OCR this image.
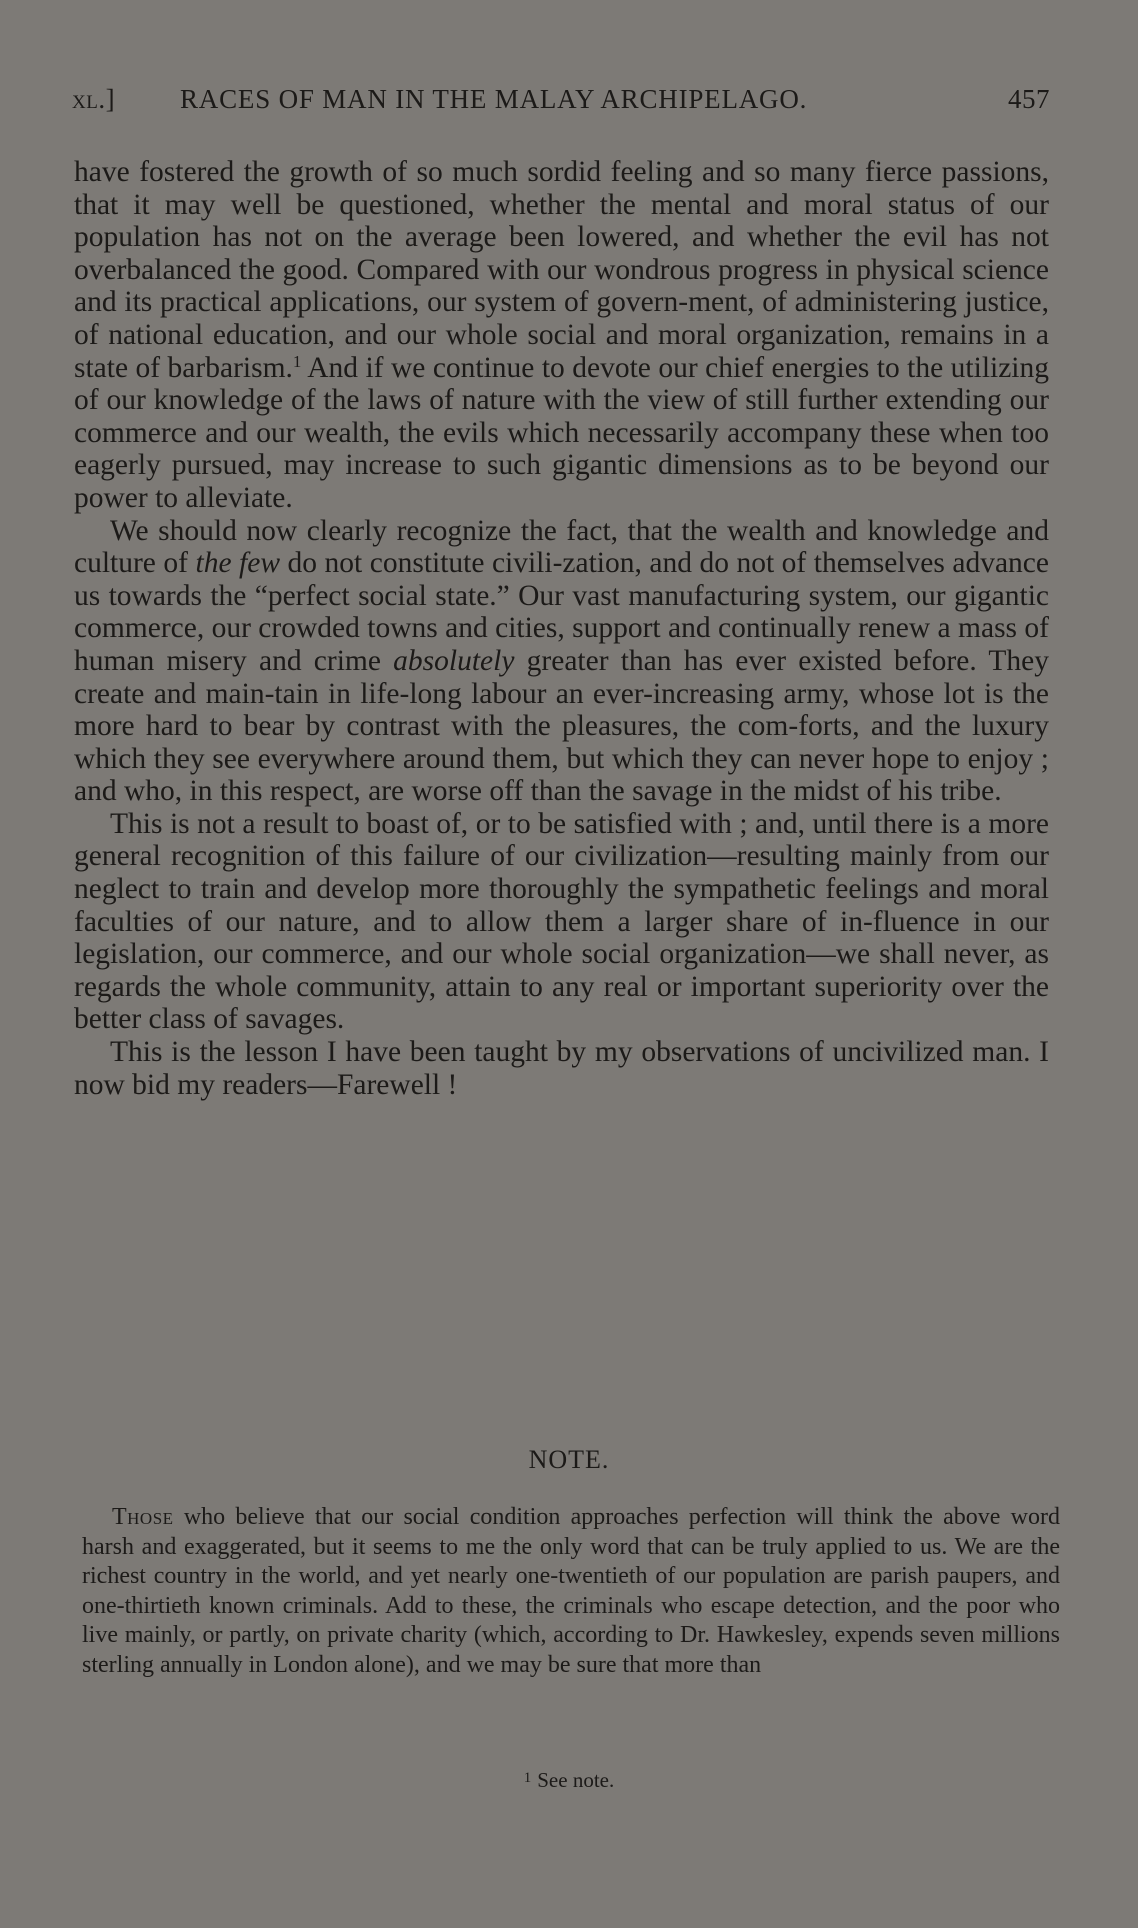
xl.] RACES OF MAN IN THE MALAY ARCHIPELAGO.	457

have fostered the growth of so much sordid feeling and so many fierce passions, that it may well be questioned, whether the mental and moral status of our population has not on the average been lowered, and whether the evil has not overbalanced the good. Compared with our wondrous progress in physical science and its practical applications, our system of govern-ment, of administering justice, of national education, and our whole social and moral organization, remains in a state of barbarism.$^1$ And if we continue to devote our chief energies to the utilizing of our knowledge of the laws of nature with the view of still further extending our commerce and our wealth, the evils which necessarily accompany these when too eagerly pursued, may increase to such gigantic dimensions as to be beyond our power to alleviate.

We should now clearly recognize the fact, that the wealth and knowledge and culture of the few do not constitute civili-zation, and do not of themselves advance us towards the “perfect social state.” Our vast manufacturing system, our gigantic commerce, our crowded towns and cities, support and continually renew a mass of human misery and crime absolutely greater than has ever existed before. They create and main-tain in life-long labour an ever-increasing army, whose lot is the more hard to bear by contrast with the pleasures, the com-forts, and the luxury which they see everywhere around them, but which they can never hope to enjoy ; and who, in this respect, are worse off than the savage in the midst of his tribe.

This is not a result to boast of, or to be satisfied with ; and, until there is a more general recognition of this failure of our civilization—resulting mainly from our neglect to train and develop more thoroughly the sympathetic feelings and moral faculties of our nature, and to allow them a larger share of in-fluence in our legislation, our commerce, and our whole social organization—we shall never, as regards the whole community, attain to any real or important superiority over the better class of savages.

This is the lesson I have been taught by my observations of uncivilized man. I now bid my readers—Farewell !

NOTE.

Those who believe that our social condition approaches perfection will think the above word harsh and exaggerated, but it seems to me the only word that can be truly applied to us. We are the richest country in the world, and yet nearly one-twentieth of our population are parish paupers, and one-thirtieth known criminals. Add to these, the criminals who escape detection, and the poor who live mainly, or partly, on private charity (which, according to Dr. Hawkesley, expends seven millions sterling annually in London alone), and we may be sure that more than

$^1$ See note.
